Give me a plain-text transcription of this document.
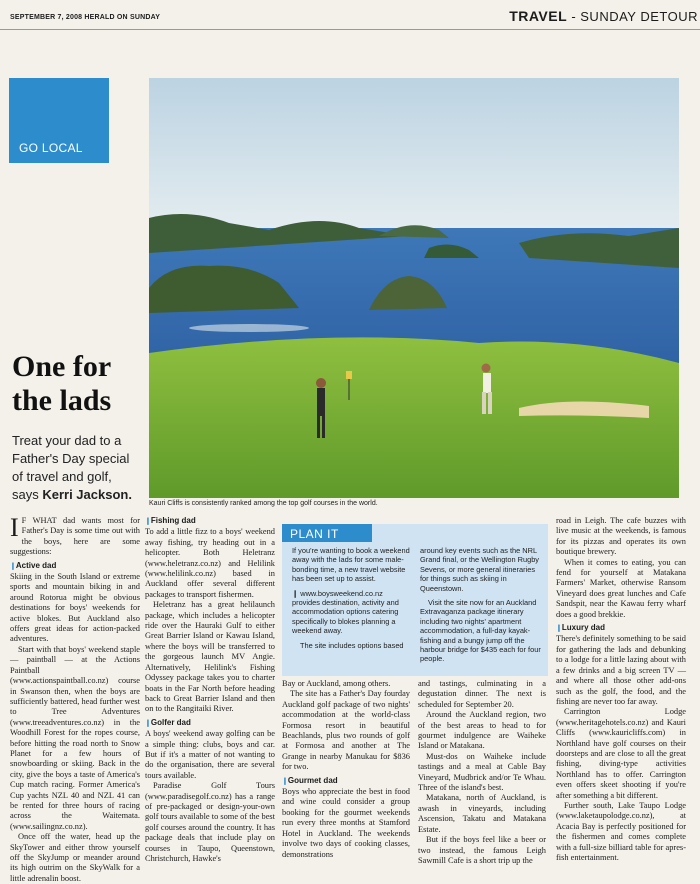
SEPTEMBER 7, 2008 HERALD ON SUNDAY	TRAVEL - SUNDAY DETOUR
GO LOCAL
Kauri Cliffs is consistently ranked among the top golf courses in the world.
One for the lads
Treat your dad to a Father's Day special of travel and golf, says Kerri Jackson.

I F WHAT dad wants most for Father's Day is some time out with the boys, here are some suggestions:

❙ Active dad

Skiing in the South Island or extreme sports and mountain biking in and around Rotorua might be obvious destinations for boys' weekends for active blokes. But Auckland also offers great ideas for action-packed adventures.

Start with that boys' weekend staple — paintball — at the Actions Paintball (www.actionspaintball.co.nz) course in Swanson then, when the boys are sufficiently battered, head further west to Tree Adventures (www.treeadventures.co.nz) in the Woodhill Forest for the ropes course, before hitting the road north to Snow Planet for a few hours of snowboarding or skiing. Back in the city, give the boys a taste of America's Cup match racing. Former America's Cup yachts NZL 40 and NZL 41 can be rented for three hours of racing across the Waitemata. (www.sailingnz.co.nz).

Once off the water, head up the SkyTower and either throw yourself off the SkyJump or meander around its high outrim on the SkyWalk for a little adrenalin boost.

❙ Fishing dad

To add a little fizz to a boys' weekend away fishing, try heading out in a helicopter. Both Heletranz (www.heletranz.co.nz) and Helilink (www.helilink.co.nz) based in Auckland offer several different packages to transport fishermen.

Heletranz has a great helilaunch package, which includes a helicopter ride over the Hauraki Gulf to either Great Barrier Island or Kawau Island, where the boys will be transferred to the gorgeous launch MV Angie. Alternatively, Helilink's Fishing Odyssey package takes you to charter boats in the Far North before heading back to Great Barrier Island and then on to the Rangitaiki River.

❙ Golfer dad

A boys' weekend away golfing can be a simple thing: clubs, boys and car. But if it's a matter of not wanting to do the organisation, there are several tours available.

Paradise Golf Tours (www.paradisegolf.co.nz) has a range of pre-packaged or design-your-own golf tours available to some of the best golf courses around the country. It has package deals that include play on courses in Taupo, Queenstown, Christchurch, Hawke's

PLAN IT

If you're wanting to book a weekend away with the lads for some male-bonding time, a new travel website has been set up to assist.

❙ www.boysweekend.co.nz provides destination, activity and accommodation options catering specifically to blokes planning a weekend away.

The site includes options based

around key events such as the NRL Grand final, or the Wellington Rugby Sevens, or more general itineraries for things such as skiing in Queenstown.

Visit the site now for an Auckland Extravaganza package itinerary including two nights' apartment accommodation, a full-day kayak-fishing and a bungy jump off the harbour bridge for $435 each for four people.

Bay or Auckland, among others.

The site has a Father's Day fourday Auckland golf package of two nights' accommodation at the world-class Formosa resort in beautiful Beachlands, plus two rounds of golf at Formosa and another at The Grange in nearby Manukau for $836 for two.

❙ Gourmet dad

Boys who appreciate the best in food and wine could consider a group booking for the gourmet weekends run every three months at Stamford Hotel in Auckland. The weekends involve two days of cooking classes, demonstrations

and tastings, culminating in a degustation dinner. The next is scheduled for September 20.

Around the Auckland region, two of the best areas to head to for gourmet indulgence are Waiheke Island or Matakana.

Must-dos on Waiheke include tastings and a meal at Cable Bay Vineyard, Mudbrick and/or Te Whau. Three of the island's best.

Matakana, north of Auckland, is awash in vineyards, including Ascension, Takatu and Matakana Estate.

But if the boys feel like a beer or two instead, the famous Leigh Sawmill Cafe is a short trip up the

road in Leigh. The cafe buzzes with live music at the weekends, is famous for its pizzas and operates its own boutique brewery.

When it comes to eating, you can fend for yourself at Matakana Farmers' Market, otherwise Ransom Vineyard does great lunches and Cafe Sandspit, near the Kawau ferry wharf does a good brekkie.

❙ Luxury dad

There's definitely something to be said for gathering the lads and debunking to a lodge for a little lazing about with a few drinks and a big screen TV — and where all those other add-ons such as the golf, the food, and the fishing are never too far away.

Carrington Lodge (www.heritagehotels.co.nz) and Kauri Cliffs (www.kauricliffs.com) in Northland have golf courses on their doorsteps and are close to all the great fishing, diving-type activities Northland has to offer. Carrington even offers skeet shooting if you're after something a bit different.

Further south, Lake Taupo Lodge (www.laketaupolodge.co.nz), at Acacia Bay is perfectly positioned for the fishermen and comes complete with a full-size billiard table for apres-fish entertainment.
